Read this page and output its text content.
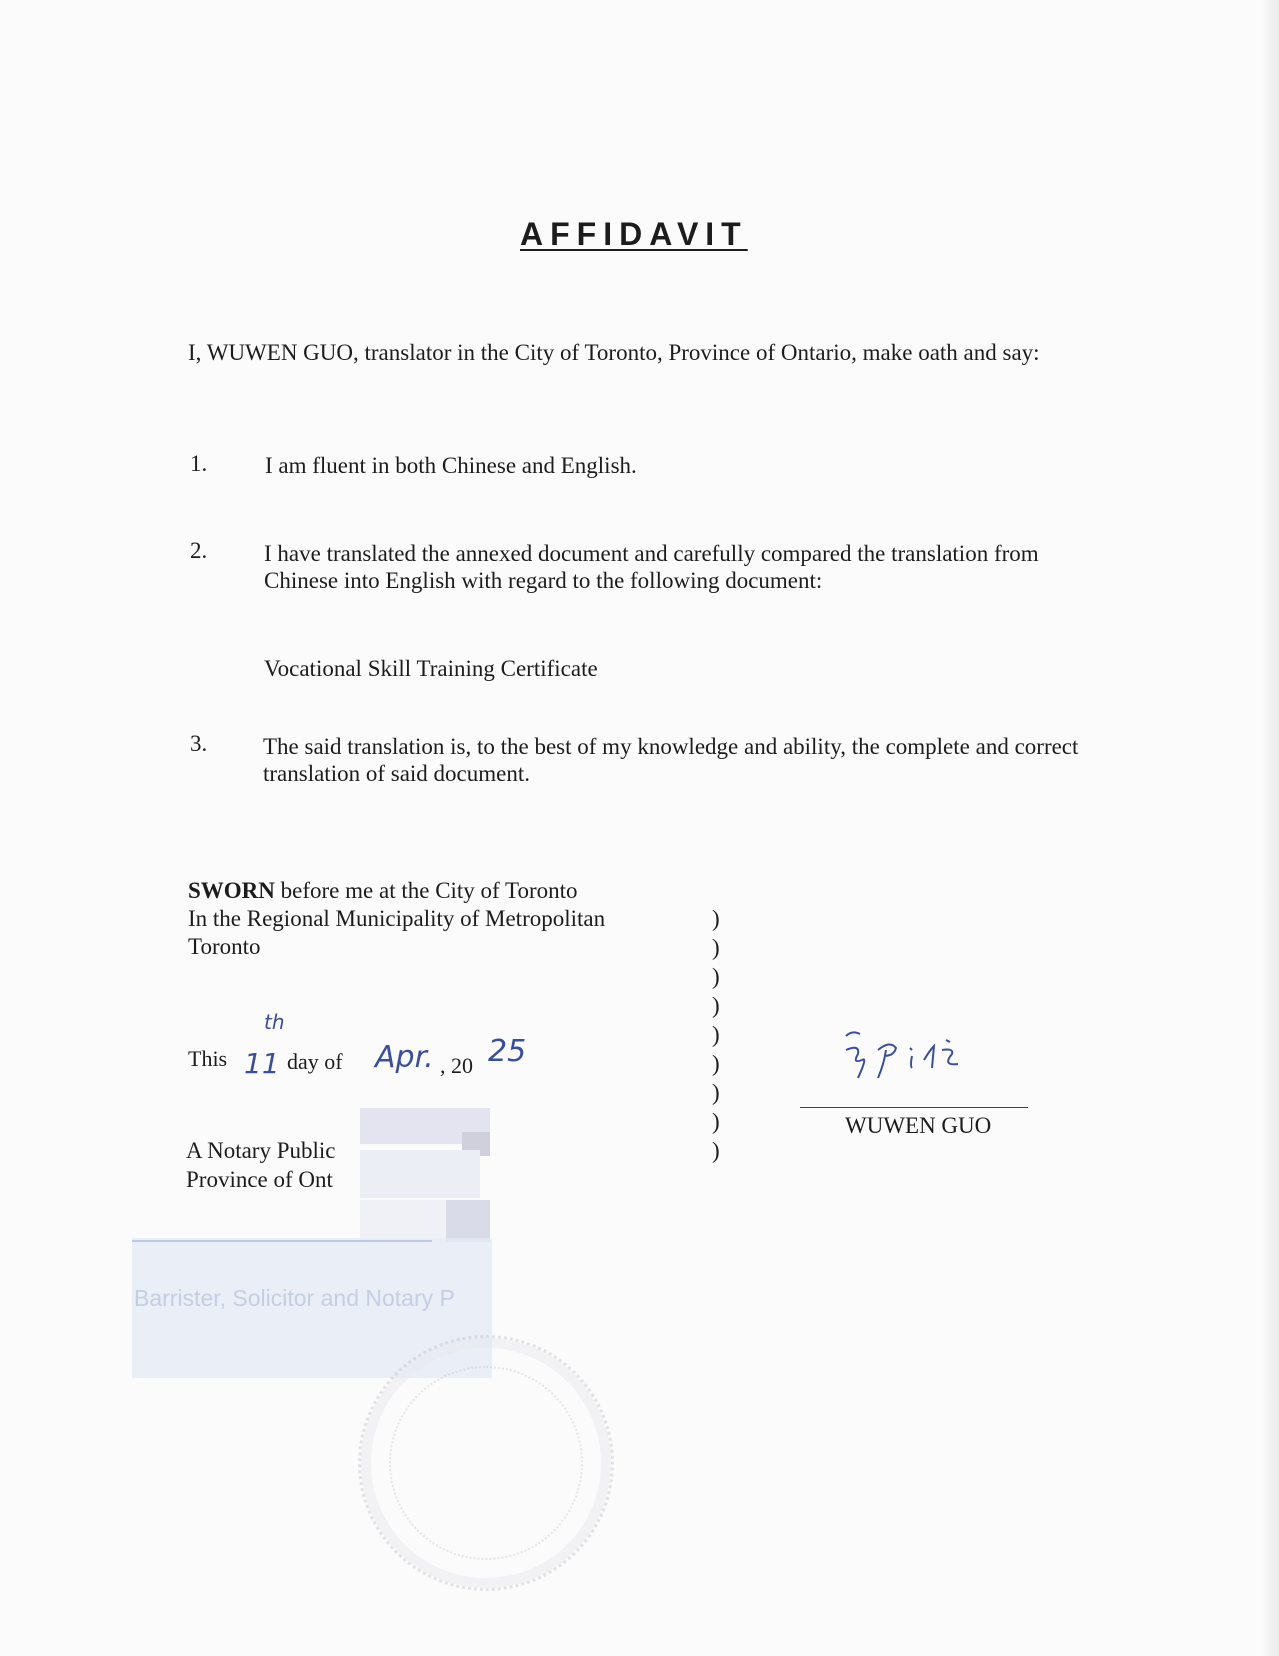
AFFIDAVIT
I, WUWEN GUO, translator in the City of Toronto, Province of Ontario, make oath and say:
1.	I am fluent in both Chinese and English.
2. I have translated the annexed document and carefully compared the translation from Chinese into English with regard to the following document:
Vocational Skill Training Certificate
3. The said translation is, to the best of my knowledge and ability, the complete and correct translation of said document.
SWORN before me at the City of Toronto
In the Regional Municipality of Metropolitan
Toronto
)
)
)
)
)
)
)
)
)
This 11
th
day of Apr. , 20 25
A Notary Public
Province of Ont
Barrister, Solicitor and Notary P
WUWEN GUO
